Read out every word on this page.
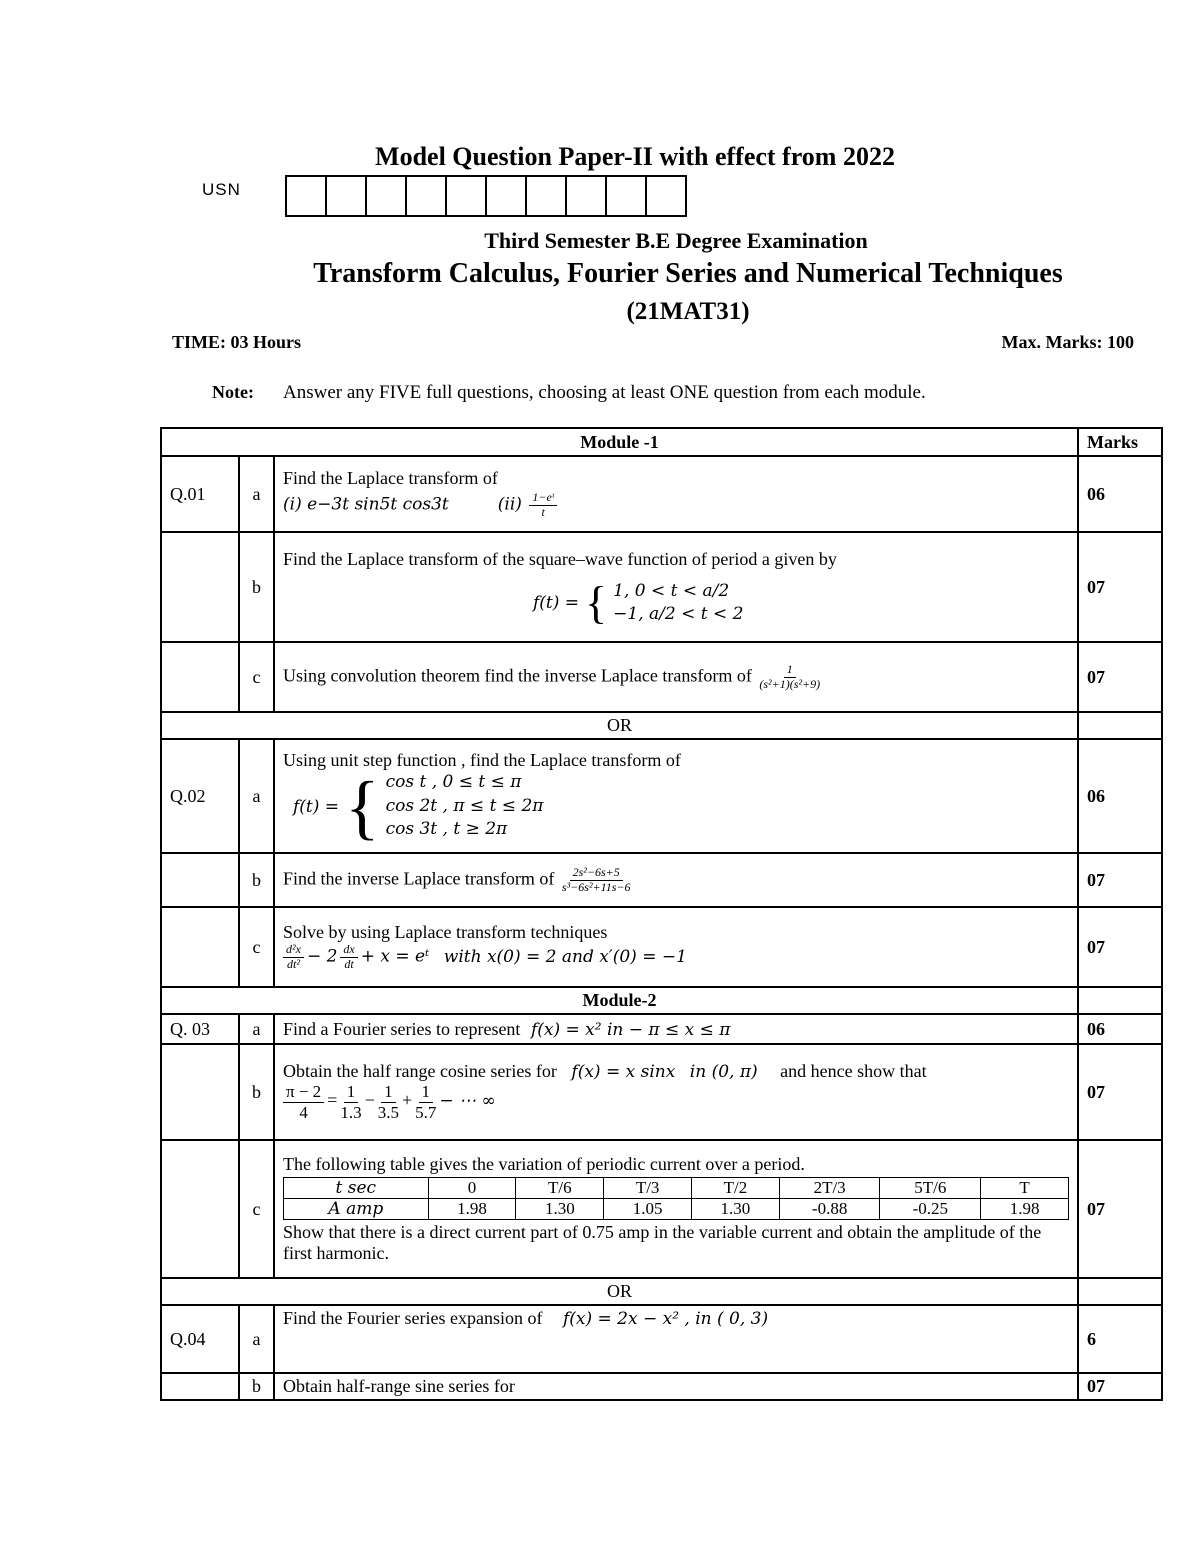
Model Question Paper-II with effect from 2022
USN
Third Semester B.E Degree Examination
Transform Calculus, Fourier Series and Numerical Techniques
(21MAT31)
TIME: 03 Hours	Max. Marks: 100
Note: Answer any FIVE full questions, choosing at least ONE question from each module.
Module -1	Marks
Q.01	a	
Find the Laplace transform of
(i) e−3t sin5t cos3t	$(ii) \frac{\text{1−eᵗ}}{t}$	06
	b	
Find the Laplace transform of the square–wave function of period a given by
f(t) = { 1, 0 < t < a/2
−1, a/2 < t < 2
	07
	c	Using convolution theorem find the inverse Laplace transform of $\frac{1}{\text{(s²+1)(s²+9)}}$	07
OR	
Q.02	a	
Using unit step function , find the Laplace transform of
f(t) = { cos t , 0 ≤ t ≤ π
cos 2t , π ≤ t ≤ 2π
cos 3t , t ≥ 2π
	06
	b	Find the inverse Laplace transform of $\frac{\text{2s²−6s+5}}{\text{s³−6s²+11s−6}}$	07
	c	
Solve by using Laplace transform techniques
$\frac{\text{d²x}}{\text{dt²}} - 2 \frac{dx}{dt} + x$ = eᵗ with x(0) = 2 and x′(0) = −1
	07
Module-2	
Q. 03	a	Find a Fourier series to represent f(x) = x² in − π ≤ x ≤ π	06
	b	
Obtain the half range cosine series for f(x) = x sinx in (0, π) and hence show that
$\frac{\pi - 2}{4} = \frac{1}{1.3} - \frac{1}{3.5} + \frac{1}{5.7}$ − ⋯ ∞
	07
	c	
The following table gives the variation of periodic current over a period.
t sec	0	T/6	T/3	T/2	2T/3	5T/6	T
A amp	1.98	1.30	1.05	1.30	-0.88	-0.25	1.98
Show that there is a direct current part of 0.75 amp in the variable current and obtain the amplitude of the first harmonic.
	07
OR	
Q.04	a	Find the Fourier series expansion of f(x) = 2x − x² , in ( 0, 3)	6
	b	Obtain half-range sine series for	07
